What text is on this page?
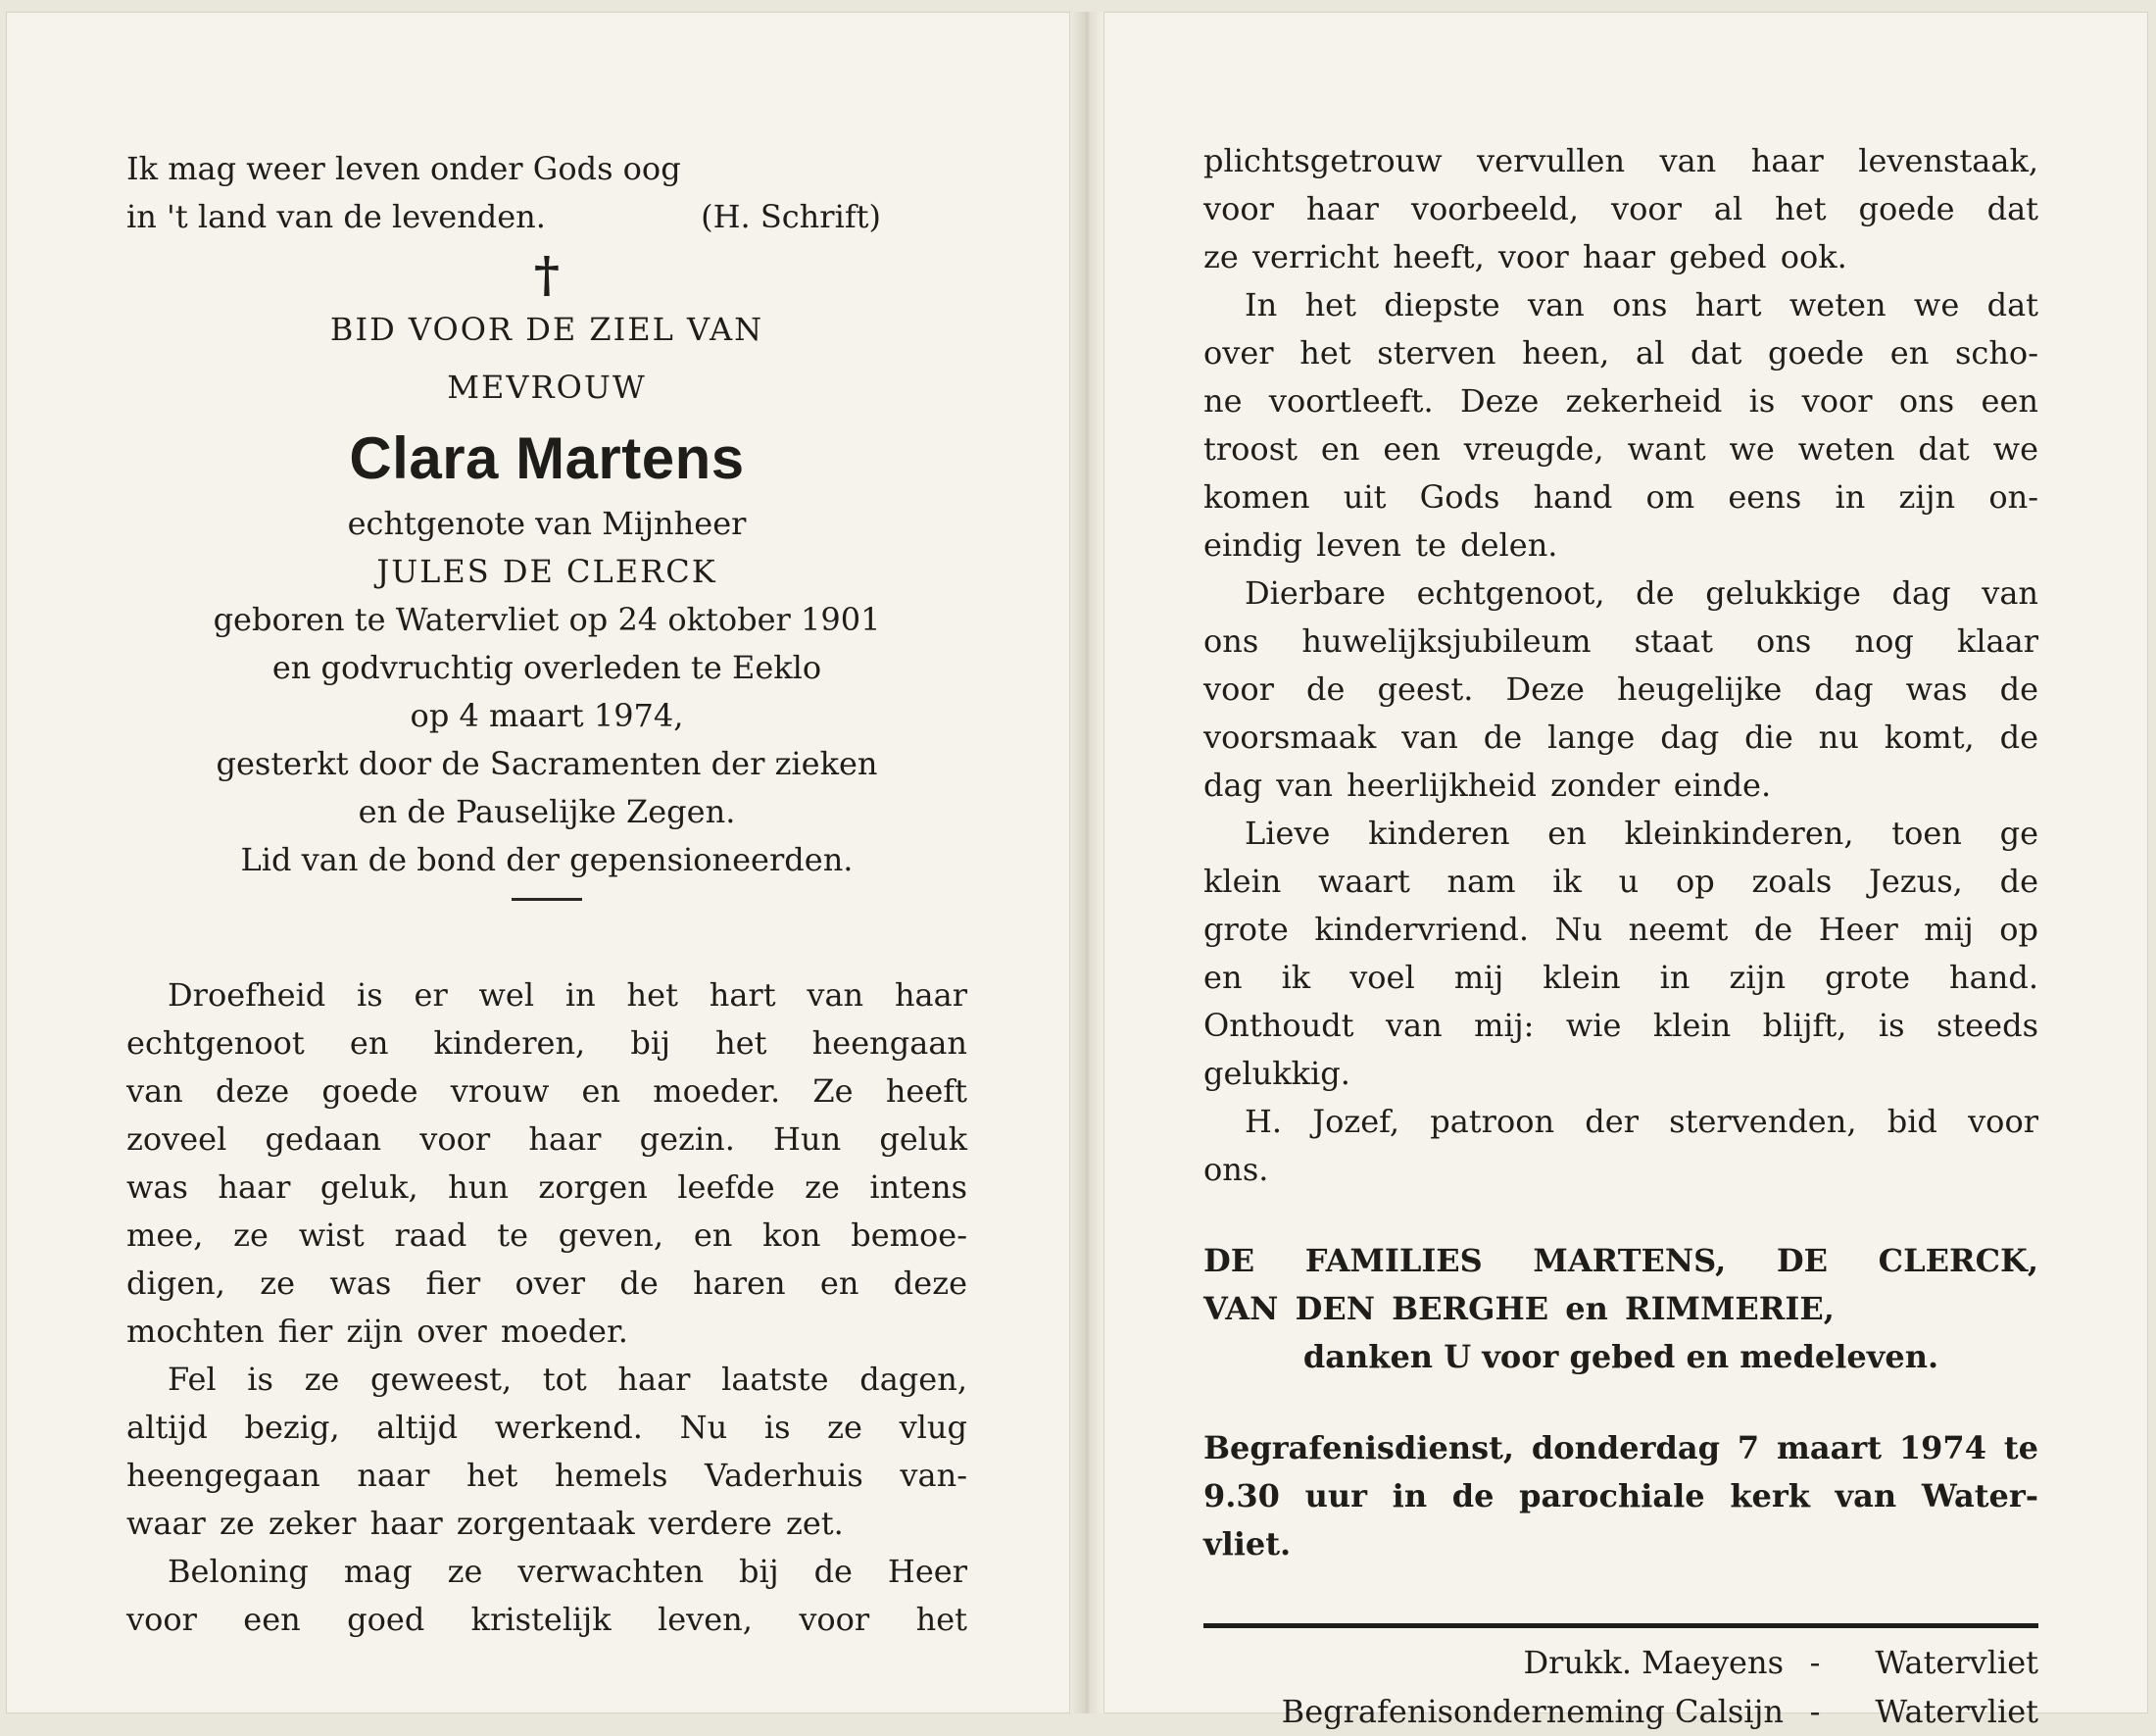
Ik mag weer leven onder Gods oog
in 't land van de levenden.	(H. Schrift)
†

BID VOOR DE ZIEL VAN

MEVROUW

Clara Martens

echtgenote van Mijnheer

JULES DE CLERCK

geboren te Watervliet op 24 oktober 1901

en godvruchtig overleden te Eeklo

op 4 maart 1974,

gesterkt door de Sacramenten der zieken

en de Pauselijke Zegen.

Lid van de bond der gepensioneerden.

Droefheid is er wel in het hart van haar

echtgenoot en kinderen, bij het heengaan

van deze goede vrouw en moeder. Ze heeft

zoveel gedaan voor haar gezin. Hun geluk

was haar geluk, hun zorgen leefde ze intens

mee, ze wist raad te geven, en kon bemoe-

digen, ze was fier over de haren en deze

mochten fier zijn over moeder.

Fel is ze geweest, tot haar laatste dagen,

altijd bezig, altijd werkend. Nu is ze vlug

heengegaan naar het hemels Vaderhuis van-

waar ze zeker haar zorgentaak verdere zet.

Beloning mag ze verwachten bij de Heer

voor een goed kristelijk leven, voor het

plichtsgetrouw vervullen van haar levenstaak,

voor haar voorbeeld, voor al het goede dat

ze verricht heeft, voor haar gebed ook.

In het diepste van ons hart weten we dat

over het sterven heen, al dat goede en scho-

ne voortleeft. Deze zekerheid is voor ons een

troost en een vreugde, want we weten dat we

komen uit Gods hand om eens in zijn on-

eindig leven te delen.

Dierbare echtgenoot, de gelukkige dag van

ons huwelijksjubileum staat ons nog klaar

voor de geest. Deze heugelijke dag was de

voorsmaak van de lange dag die nu komt, de

dag van heerlijkheid zonder einde.

Lieve kinderen en kleinkinderen, toen ge

klein waart nam ik u op zoals Jezus, de

grote kindervriend. Nu neemt de Heer mij op

en ik voel mij klein in zijn grote hand.

Onthoudt van mij: wie klein blijft, is steeds

gelukkig.

H. Jozef, patroon der stervenden, bid voor

ons.

DE FAMILIES MARTENS, DE CLERCK,

VAN DEN BERGHE en RIMMERIE,

danken U voor gebed en medeleven.

Begrafenisdienst, donderdag 7 maart 1974 te

9.30 uur in de parochiale kerk van Water-

vliet.

Drukk. Maeyens -	Watervliet
Begrafenisonderneming Calsijn -	Watervliet
